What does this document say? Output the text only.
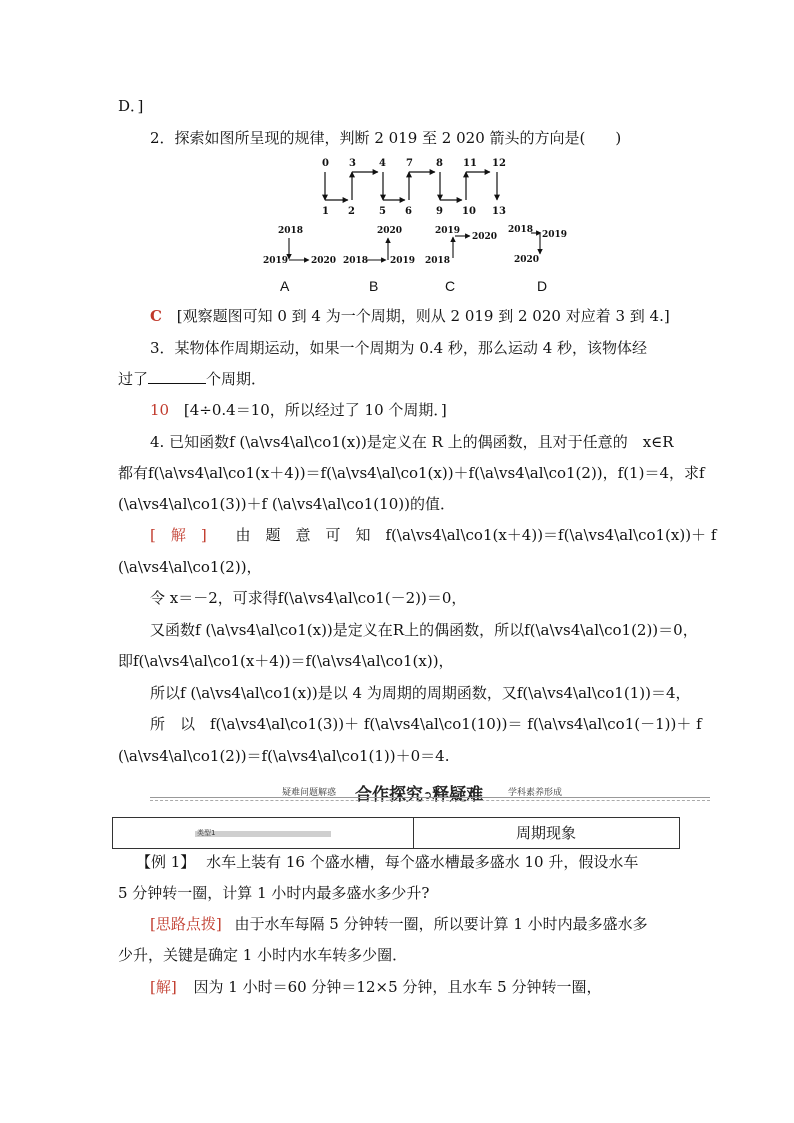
D．]
2．探索如图所呈现的规律，判断 2 019 至 2 020 箭头的方向是(　　)
0 3 4 7 8 11 12
1 2 5 6 9 10 13
2018
2019	2020
2020
2018 2019
2019
2020
2018
2018 2019
2020
A	B	C	D
C [观察题图可知 0 到 4 为一个周期，则从 2 019 到 2 020 对应着 3 到 4.]
3．某物体作周期运动，如果一个周期为 0.4 秒，那么运动 4 秒，该物体经
过了	个周期．
10 [4÷0.4＝10，所以经过了 10 个周期．]
4. 已知函数f (\a\vs4\al\co1(x))是定义在 R 上的偶函数，且对于任意的　x∈R
都有f(\a\vs4\al\co1(x＋4))＝f(\a\vs4\al\co1(x))＋f(\a\vs4\al\co1(2))，f(1)＝4，求f
(\a\vs4\al\co1(3))＋f (\a\vs4\al\co1(10))的值．
[　解　] 由　题　意　可　知　f(\a\vs4\al\co1(x＋4))＝f(\a\vs4\al\co1(x))＋ f
(\a\vs4\al\co1(2))，
令 x＝－2，可求得f(\a\vs4\al\co1(－2))＝0，
又函数f (\a\vs4\al\co1(x))是定义在R上的偶函数，所以f(\a\vs4\al\co1(2))＝0，
即f(\a\vs4\al\co1(x＋4))＝f(\a\vs4\al\co1(x))，
所以f (\a\vs4\al\co1(x))是以 4 为周期的周期函数，又f(\a\vs4\al\co1(1))＝4，
所　以　f(\a\vs4\al\co1(3))＋ f(\a\vs4\al\co1(10))＝ f(\a\vs4\al\co1(－1))＋ f
(\a\vs4\al\co1(2))＝f(\a\vs4\al\co1(1))＋0＝4.
疑难问题解惑 合作探究➲释疑难	学科素养形成
类型1	周期现象
【例 1】 水车上装有 16 个盛水槽，每个盛水槽最多盛水 10 升，假设水车
5 分钟转一圈，计算 1 小时内最多盛水多少升?
[思路点拨] 由于水车每隔 5 分钟转一圈，所以要计算 1 小时内最多盛水多
少升，关键是确定 1 小时内水车转多少圈．
[解] 因为 1 小时＝60 分钟＝12×5 分钟，且水车 5 分钟转一圈，
